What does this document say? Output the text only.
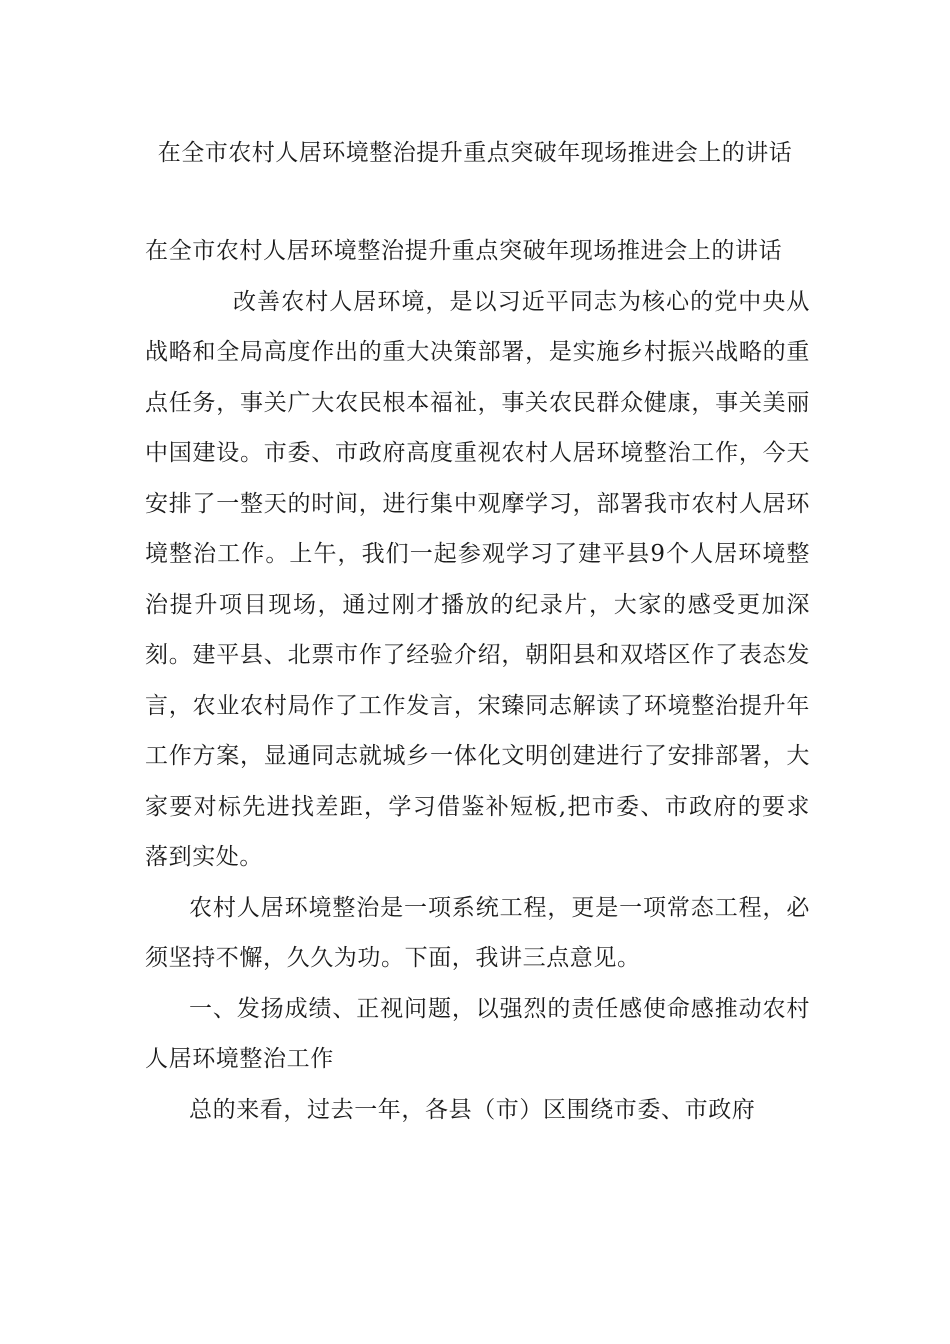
在全市农村人居环境整治提升重点突破年现场推进会上的讲话

在全市农村人居环境整治提升重点突破年现场推进会上的讲话

改善农村人居环境，是以习近平同志为核心的党中央从战略和全局高度作出的重大决策部署，是实施乡村振兴战略的重点任务，事关广大农民根本福祉，事关农民群众健康，事关美丽中国建设。市委、市政府高度重视农村人居环境整治工作，今天安排了一整天的时间，进行集中观摩学习，部署我市农村人居环境整治工作。上午，我们一起参观学习了建平县9个人居环境整治提升项目现场，通过刚才播放的纪录片，大家的感受更加深刻。建平县、北票市作了经验介绍，朝阳县和双塔区作了表态发言，农业农村局作了工作发言，宋臻同志解读了环境整治提升年工作方案，显通同志就城乡一体化文明创建进行了安排部署，大家要对标先进找差距，学习借鉴补短板,把市委、市政府的要求落到实处。

农村人居环境整治是一项系统工程，更是一项常态工程，必须坚持不懈，久久为功。下面，我讲三点意见。

一、发扬成绩、正视问题，以强烈的责任感使命感推动农村人居环境整治工作

总的来看，过去一年，各县（市）区围绕市委、市政府
